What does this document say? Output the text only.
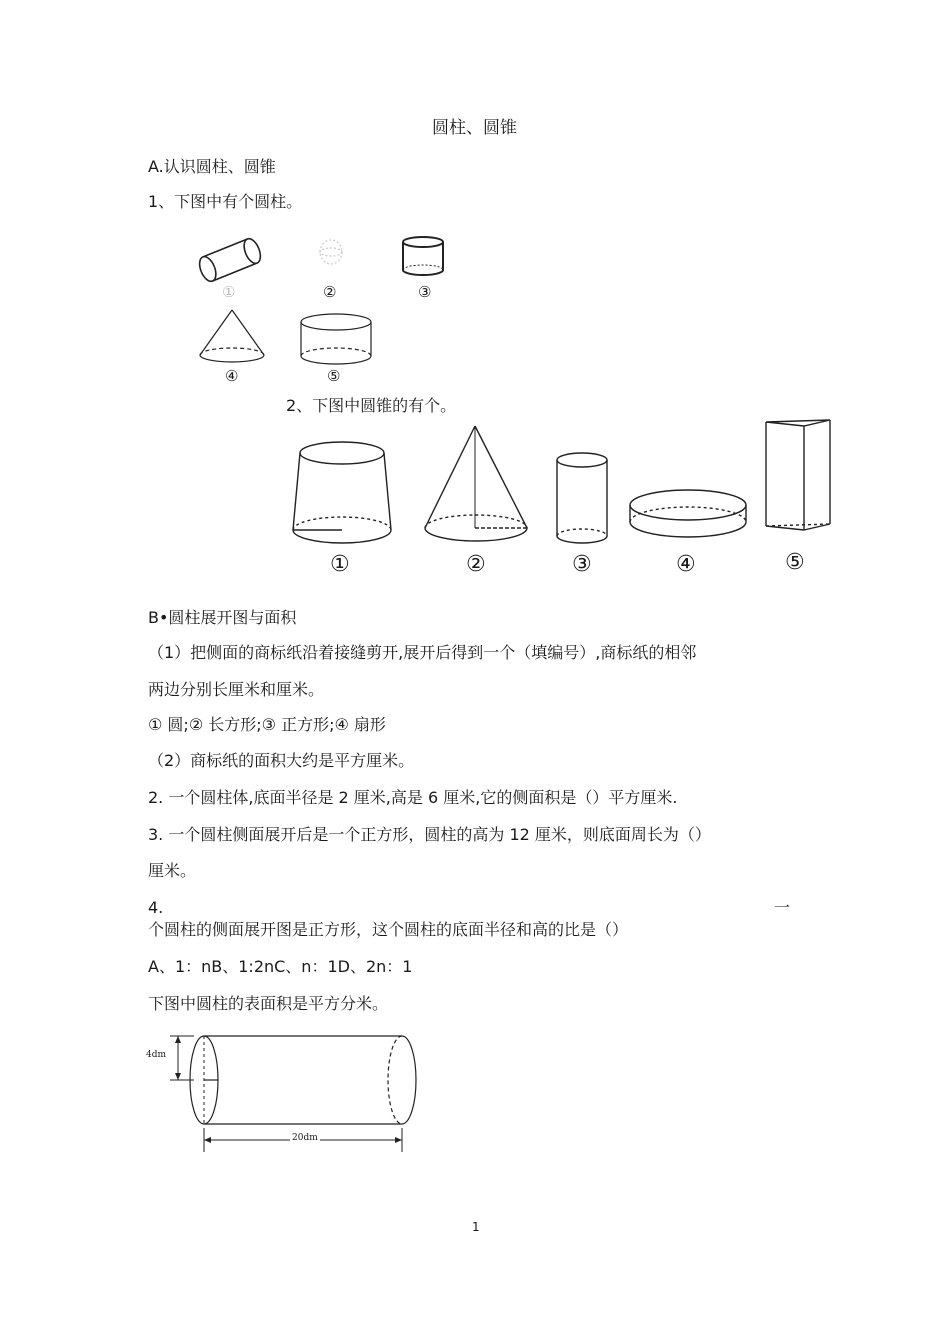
圆柱、圆锥
A.认识圆柱、圆锥
1、下图中有个圆柱。
①	②	③
④	⑤
2、下图中圆锥的有个。
①	②	③	④	⑤
B•圆柱展开图与面积
（1）把侧面的商标纸沿着接缝剪开,展开后得到一个（填编号）,商标纸的相邻
两边分别长厘米和厘米。
① 圆;② 长方形;③ 正方形;④ 扇形
（2）商标纸的面积大约是平方厘米。
2. 一个圆柱体,底面半径是 2 厘米,高是 6 厘米,它的侧面积是（）平方厘米.
3. 一个圆柱侧面展开后是一个正方形，圆柱的高为 12 厘米，则底面周长为（）
厘米。
4.	一
个圆柱的侧面展开图是正方形，这个圆柱的底面半径和高的比是（）
A、1：nB、1:2nC、n：1D、2n：1
下图中圆柱的表面积是平方分米。
4dm
20dm
1
